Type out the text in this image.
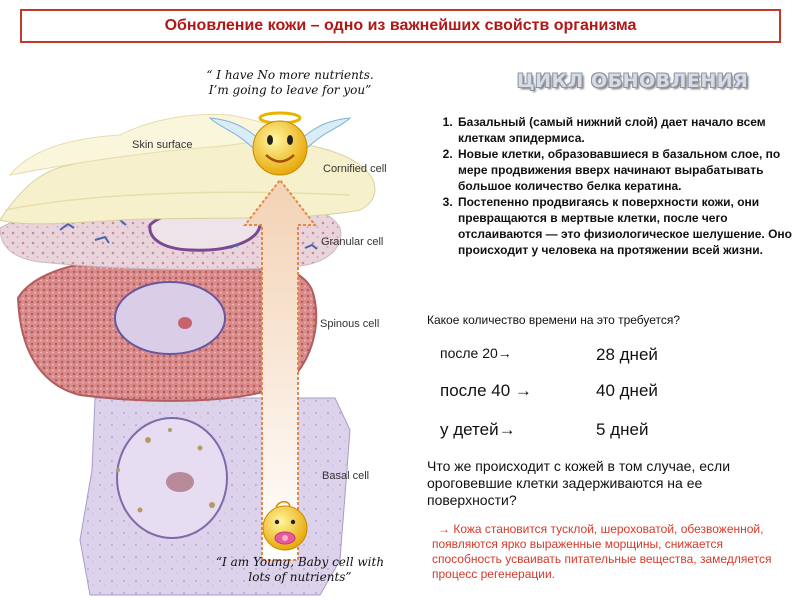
Обновление кожи – одно из важнейших свойств организма
Skin surface
Cornified cell
Granular cell
Spinous cell
Basal cell
“ I have No more nutrients. I’m going to leave for you”
“I am Young, Baby cell with lots of nutrients”
ЦИКЛ ОБНОВЛЕНИЯ
1. Базальный (самый нижний слой) дает начало всем клеткам эпидермиса.
2. Новые клетки, образовавшиеся в базальном слое, по мере продвижения вверх начинают вырабатывать большое количество белка кератина.
3. Постепенно продвигаясь к поверхности кожи, они превращаются в мертвые клетки, после чего отслаиваются — это физиологическое шелушение. Оно происходит у человека на протяжении всей жизни.
Какое количество времени на это требуется?
после 20→	28 дней
после 40 →	40 дней
у детей→	5 дней
Что же происходит с кожей в том случае, если ороговевшие клетки задерживаются на ее поверхности?
→ Кожа становится тусклой, шероховатой, обезвоженной, появляются ярко выраженные морщины, снижается способность усваивать питательные вещества, замедляется процесс регенерации.
